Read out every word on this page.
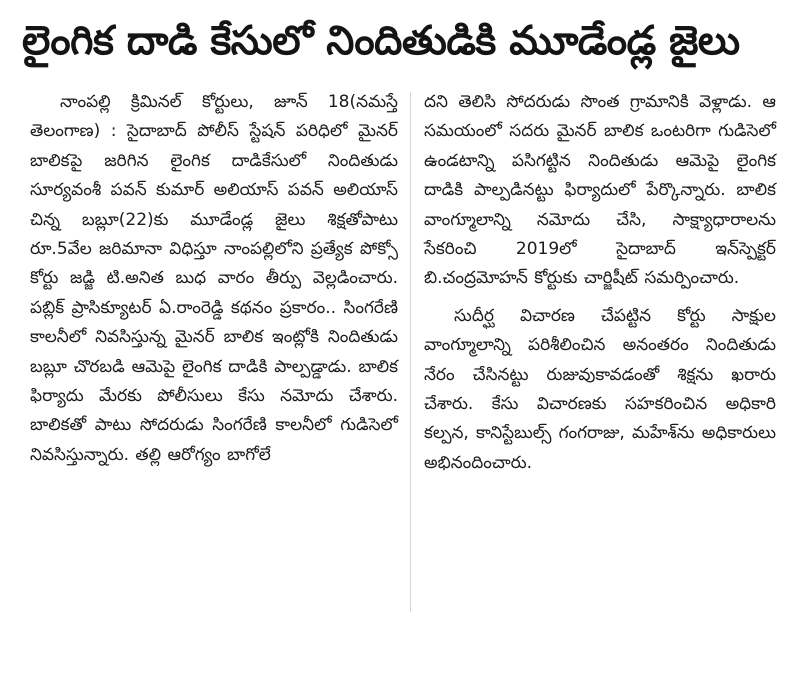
లైంగిక దాడి కేసులో నిందితుడికి మూడేండ్ల జైలు

నాంపల్లి క్రిమినల్ కోర్టులు, జూన్ 18(నమస్తే తెలంగాణ) : సైదాబాద్ పోలీస్ స్టేషన్ పరిధిలో మైనర్ బాలికపై జరిగిన లైంగిక దాడికేసులో నిందితుడు సూర్యవంశీ పవన్ కుమార్ అలియాస్ పవన్ అలియాస్ చిన్న బబ్లూ(22)కు మూడేండ్ల జైలు శిక్షతోపాటు రూ.5వేల జరిమానా విధిస్తూ నాంపల్లిలోని ప్రత్యేక పోక్సో కోర్టు జడ్జి టి.అనిత బుధ వారం తీర్పు వెల్లడించారు. పబ్లిక్ ప్రాసిక్యూటర్ ఏ.రాంరెడ్డి కథనం ప్రకారం.. సింగరేణి కాలనీలో నివసిస్తున్న మైనర్ బాలిక ఇంట్లోకి నిందితుడు బబ్లూ చొరబడి ఆమెపై లైంగిక దాడికి పాల్పడ్డాడు. బాలిక ఫిర్యాదు మేరకు పోలీసులు కేసు నమోదు చేశారు. బాలికతో పాటు సోదరుడు సింగరేణి కాలనీలో గుడిసెలో నివసిస్తున్నారు. తల్లి ఆరోగ్యం బాగోలే

దని తెలిసి సోదరుడు సొంత గ్రామానికి వెళ్లాడు. ఆ సమయంలో సదరు మైనర్ బాలిక ఒంటరిగా గుడిసెలో ఉండటాన్ని పసిగట్టిన నిందితుడు ఆమెపై లైంగిక దాడికి పాల్పడినట్టు ఫిర్యాదులో పేర్కొన్నారు. బాలిక వాంగ్మూలాన్ని నమోదు చేసి, సాక్ష్యాధారాలను సేకరించి 2019లో సైదాబాద్ ఇన్‌స్పెక్టర్ బి.చంద్రమోహన్ కోర్టుకు చార్జిషీట్ సమర్పించారు.

సుదీర్ఘ విచారణ చేపట్టిన కోర్టు సాక్షుల వాంగ్మూలాన్ని పరిశీలించిన అనంతరం నిందితుడు నేరం చేసినట్టు రుజువుకావడంతో శిక్షను ఖరారు చేశారు. కేసు విచారణకు సహకరించిన అధికారి కల్పన, కానిస్టేబుల్స్ గంగరాజు, మహేశ్‌ను అధికారులు అభినందించారు.
